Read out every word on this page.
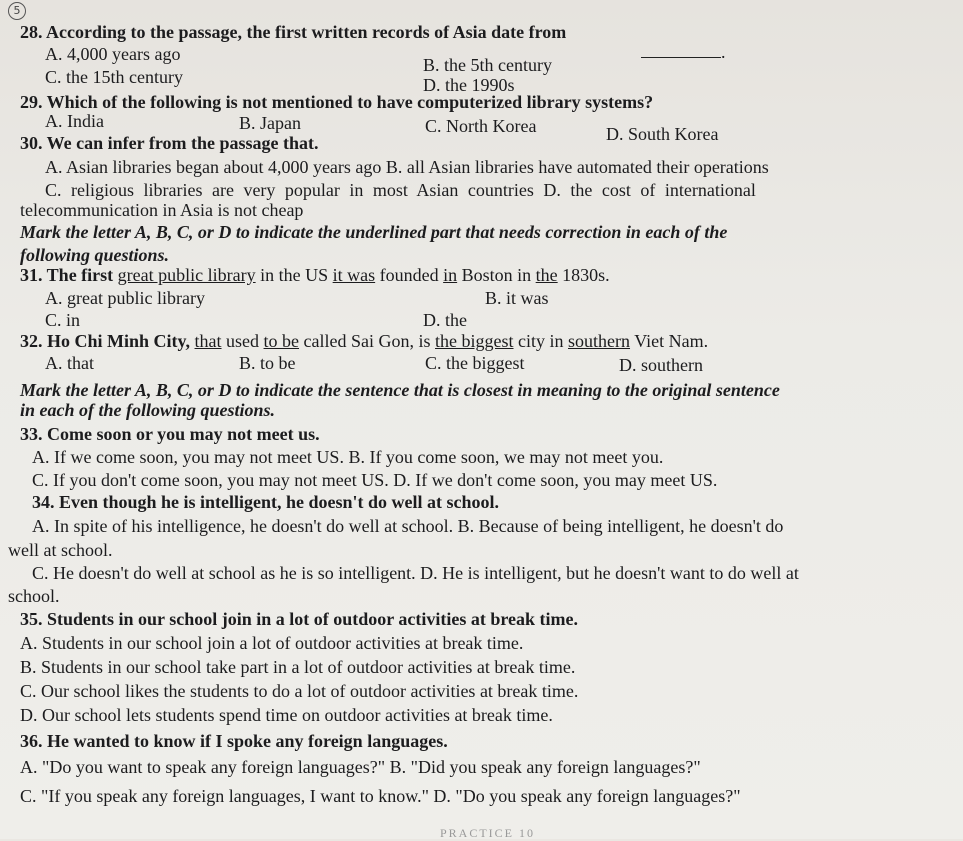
5
28. According to the passage, the first written records of Asia date from
.
A. 4,000 years ago
B. the 5th century
C. the 15th century	D. the 1990s
29. Which of the following is not mentioned to have computerized library systems?
A. India	B. Japan	C. North Korea	D. South Korea
30. We can infer from the passage that.
A. Asian libraries began about 4,000 years ago B. all Asian libraries have automated their operations
C. religious libraries are very popular in most Asian countries D. the cost of international
telecommunication in Asia is not cheap
Mark the letter A, B, C, or D to indicate the underlined part that needs correction in each of the
following questions.
31. The first great public library in the US it was founded in Boston in the 1830s.
A. great public library	B. it was
C. in	D. the
32. Ho Chi Minh City, that used to be called Sai Gon, is the biggest city in southern Viet Nam.
A. that	B. to be	C. the biggest	D. southern
Mark the letter A, B, C, or D to indicate the sentence that is closest in meaning to the original sentence
in each of the following questions.
33. Come soon or you may not meet us.
A. If we come soon, you may not meet US. B. If you come soon, we may not meet you.
C. If you don't come soon, you may not meet US. D. If we don't come soon, you may meet US.
34. Even though he is intelligent, he doesn't do well at school.
A. In spite of his intelligence, he doesn't do well at school. B. Because of being intelligent, he doesn't do
well at school.
C. He doesn't do well at school as he is so intelligent. D. He is intelligent, but he doesn't want to do well at
school.
35. Students in our school join in a lot of outdoor activities at break time.
A. Students in our school join a lot of outdoor activities at break time.
B. Students in our school take part in a lot of outdoor activities at break time.
C. Our school likes the students to do a lot of outdoor activities at break time.
D. Our school lets students spend time on outdoor activities at break time.
36. He wanted to know if I spoke any foreign languages.
A. "Do you want to speak any foreign languages?" B. "Did you speak any foreign languages?"
C. "If you speak any foreign languages, I want to know." D. "Do you speak any foreign languages?"
PRACTICE 10
